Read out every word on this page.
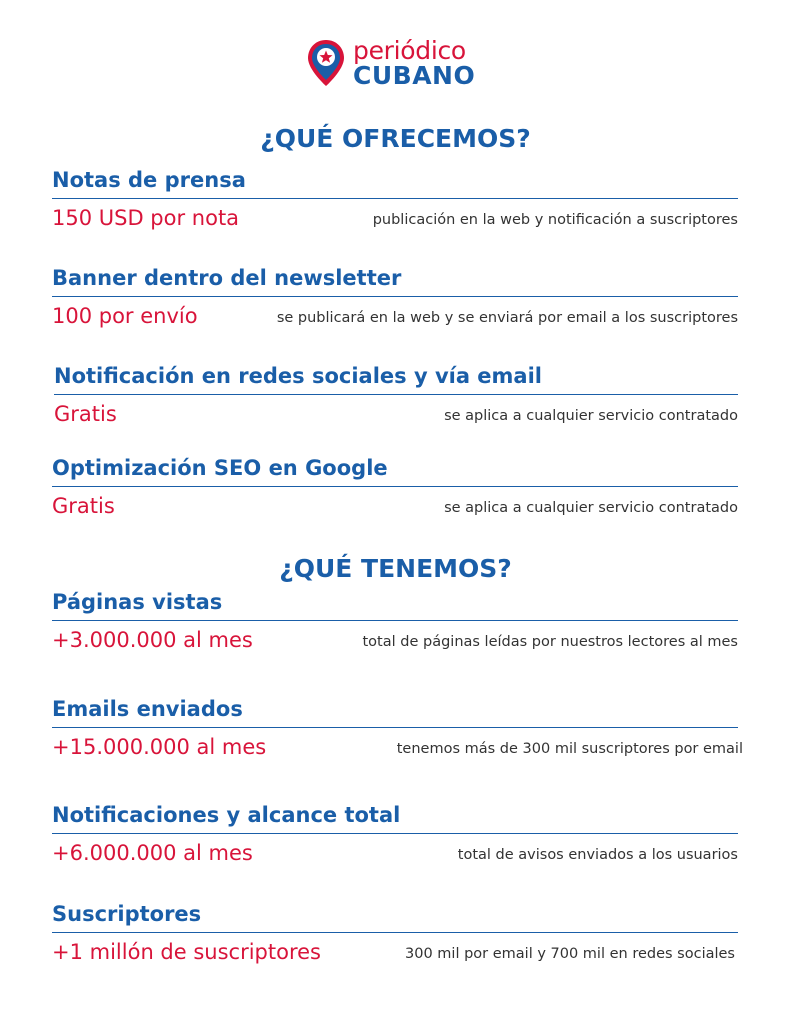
periódico
CUBANO
¿QUÉ OFRECEMOS?
Notas de prensa
150 USD por nota	publicación en la web y notificación a suscriptores
Banner dentro del newsletter
100 por envío	se publicará en la web y se enviará por email a los suscriptores
Notificación en redes sociales y vía email
Gratis	se aplica a cualquier servicio contratado
Optimización SEO en Google
Gratis	se aplica a cualquier servicio contratado
¿QUÉ TENEMOS?
Páginas vistas
+3.000.000 al mes	total de páginas leídas por nuestros lectores al mes
Emails enviados
+15.000.000 al mes	tenemos más de 300 mil suscriptores por email
Notificaciones y alcance total
+6.000.000 al mes	total de avisos enviados a los usuarios
Suscriptores
+1 millón de suscriptores	300 mil por email y 700 mil en redes sociales
